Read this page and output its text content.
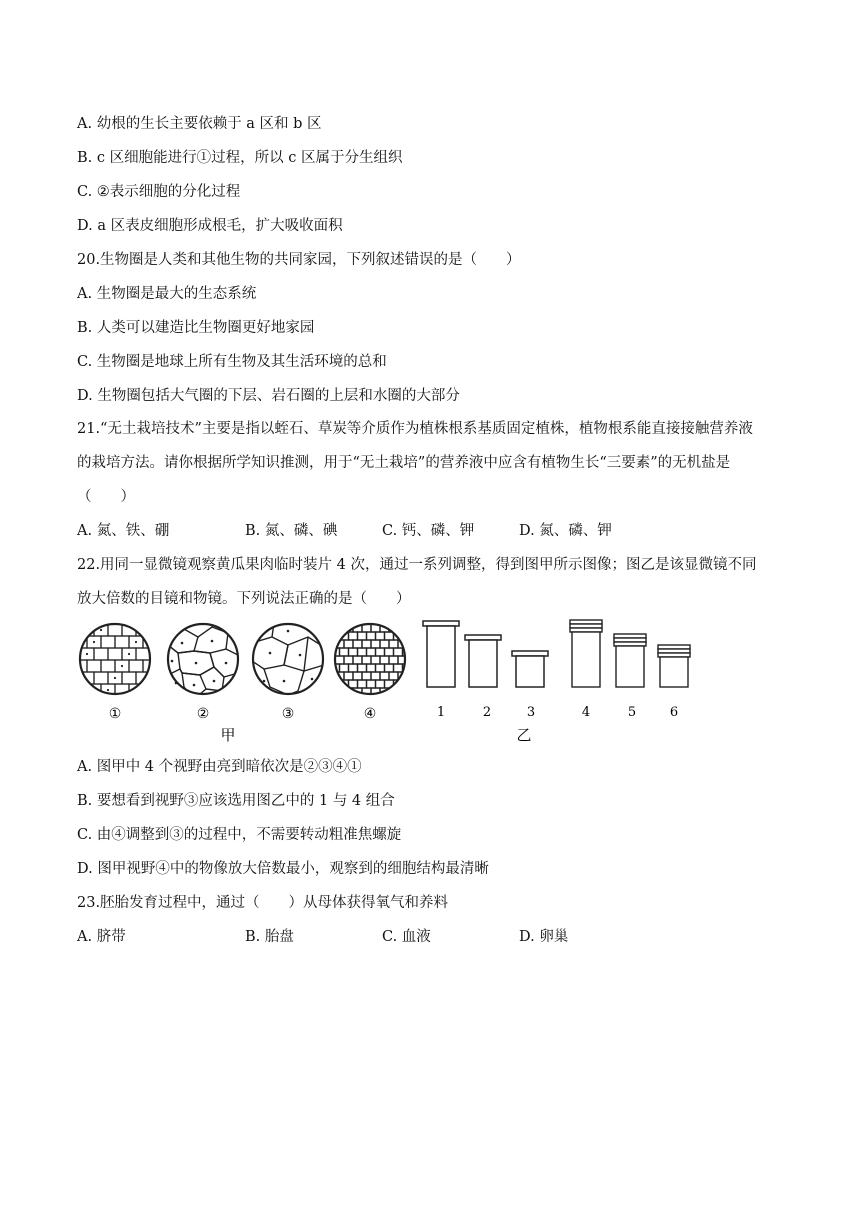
A. 幼根的生长主要依赖于 a 区和 b 区
B. c 区细胞能进行①过程，所以 c 区属于分生组织
C. ②表示细胞的分化过程
D. a 区表皮细胞形成根毛，扩大吸收面积
20.生物圈是人类和其他生物的共同家园，下列叙述错误的是（　　）
A. 生物圈是最大的生态系统
B. 人类可以建造比生物圈更好地家园
C. 生物圈是地球上所有生物及其生活环境的总和
D. 生物圈包括大气圈的下层、岩石圈的上层和水圈的大部分
21.“无土栽培技术”主要是指以蛭石、草炭等介质作为植株根系基质固定植株，植物根系能直接接触营养液
的栽培方法。请你根据所学知识推测，用于“无土栽培”的营养液中应含有植物生长“三要素”的无机盐是
（　　）
A. 氮、铁、硼	B. 氮、磷、碘	C. 钙、磷、钾	D. 氮、磷、钾
22.用同一显微镜观察黄瓜果肉临时装片 4 次，通过一系列调整，得到图甲所示图像；图乙是该显微镜不同
放大倍数的目镜和物镜。下列说法正确的是（　　）
①	②	③	④
甲
1	2	3	4	5	6
乙
A. 图甲中 4 个视野由亮到暗依次是②③④①
B. 要想看到视野③应该选用图乙中的 1 与 4 组合
C. 由④调整到③的过程中，不需要转动粗准焦螺旋
D. 图甲视野④中的物像放大倍数最小，观察到的细胞结构最清晰
23.胚胎发育过程中，通过（　　）从母体获得氧气和养料
A. 脐带	B. 胎盘	C. 血液	D. 卵巢
